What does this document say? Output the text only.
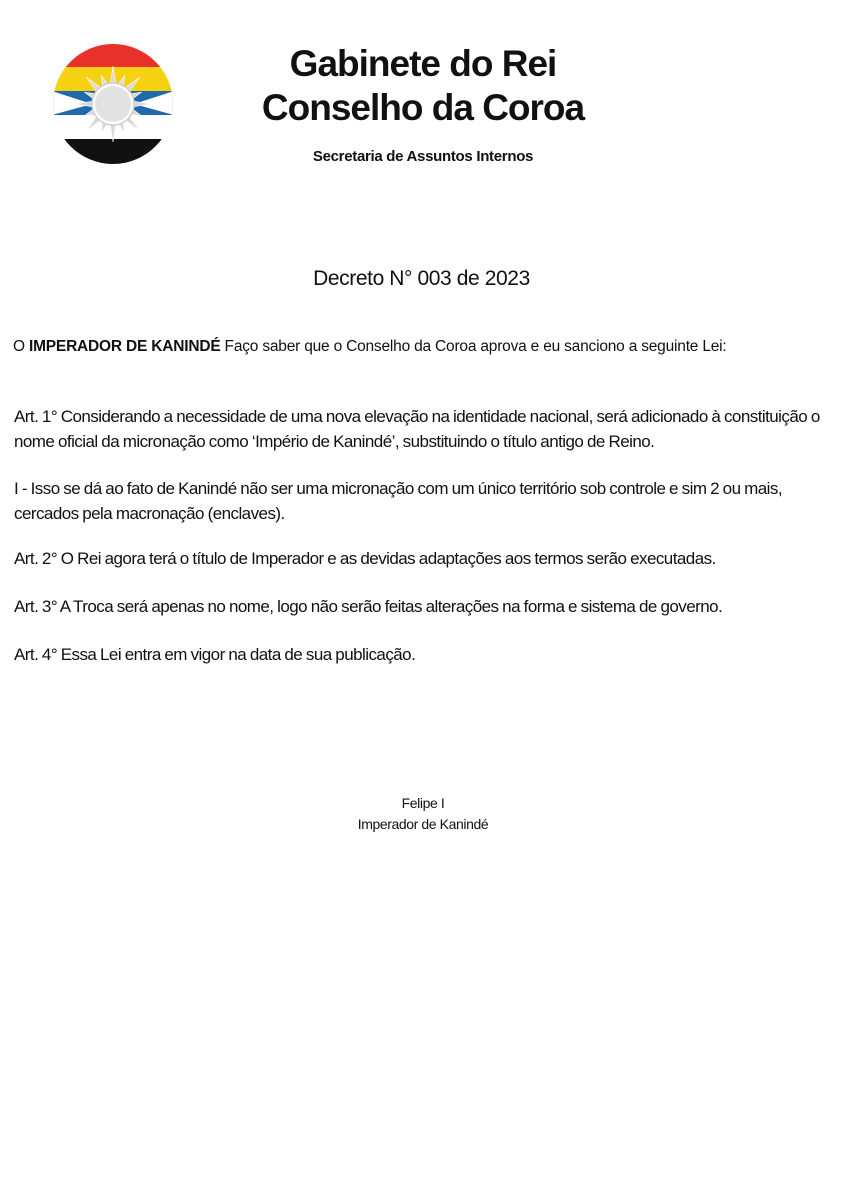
Gabinete do Rei
Conselho da Coroa
Secretaria de Assuntos Internos
Decreto N° 003 de 2023
O IMPERADOR DE KANINDÉ Faço saber que o Conselho da Coroa aprova e eu sanciono a seguinte Lei:
Art. 1° Considerando a necessidade de uma nova elevação na identidade nacional, será adicionado à constituição o nome oficial da micronação como ‘Império de Kanindé’, substituindo o título antigo de Reino.
I - Isso se dá ao fato de Kanindé não ser uma micronação com um único território sob controle e sim 2 ou mais, cercados pela macronação (enclaves).
Art. 2° O Rei agora terá o título de Imperador e as devidas adaptações aos termos serão executadas.
Art. 3° A Troca será apenas no nome, logo não serão feitas alterações na forma e sistema de governo.
Art. 4° Essa Lei entra em vigor na data de sua publicação.
Felipe I
Imperador de Kanindé
